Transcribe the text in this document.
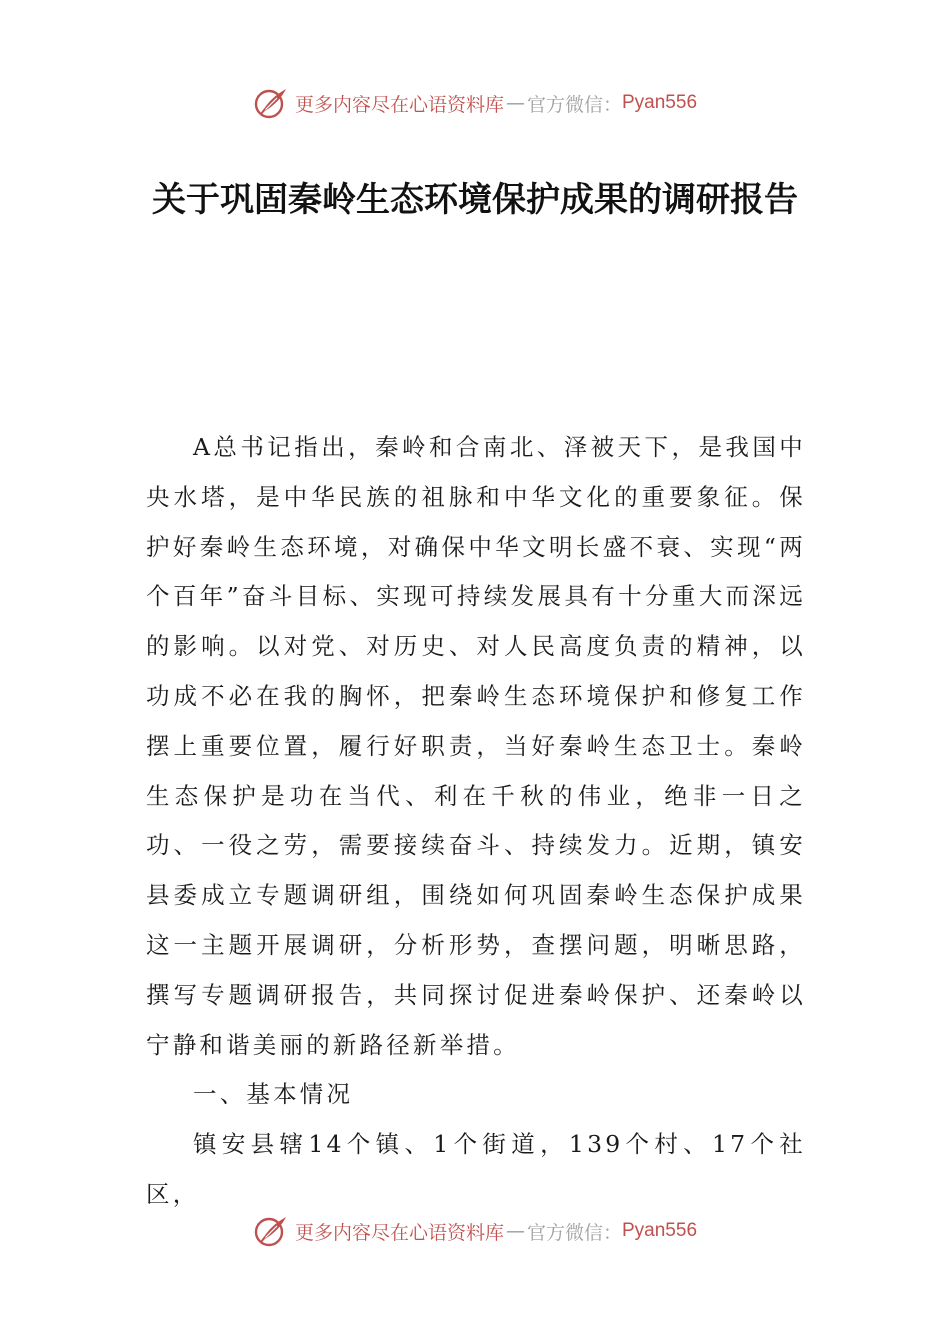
更多内容尽在心语资料库 — 官方微信： Pyan556
关于巩固秦岭生态环境保护成果的调研报告

A总书记指出，秦岭和合南北、泽被天下，是我国中央水塔，是中华民族的祖脉和中华文化的重要象征。保护好秦岭生态环境，对确保中华文明长盛不衰、实现“两个百年”奋斗目标、实现可持续发展具有十分重大而深远的影响。以对党、对历史、对人民高度负责的精神，以功成不必在我的胸怀，把秦岭生态环境保护和修复工作摆上重要位置，履行好职责，当好秦岭生态卫士。秦岭生态保护是功在当代、利在千秋的伟业，绝非一日之功、一役之劳，需要接续奋斗、持续发力。近期，镇安县委成立专题调研组，围绕如何巩固秦岭生态保护成果这一主题开展调研，分析形势，查摆问题，明晰思路，撰写专题调研报告，共同探讨促进秦岭保护、还秦岭以宁静和谐美丽的新路径新举措。

一、基本情况

镇安县辖14个镇、1个街道，139个村、17个社区，

更多内容尽在心语资料库 — 官方微信： Pyan556
